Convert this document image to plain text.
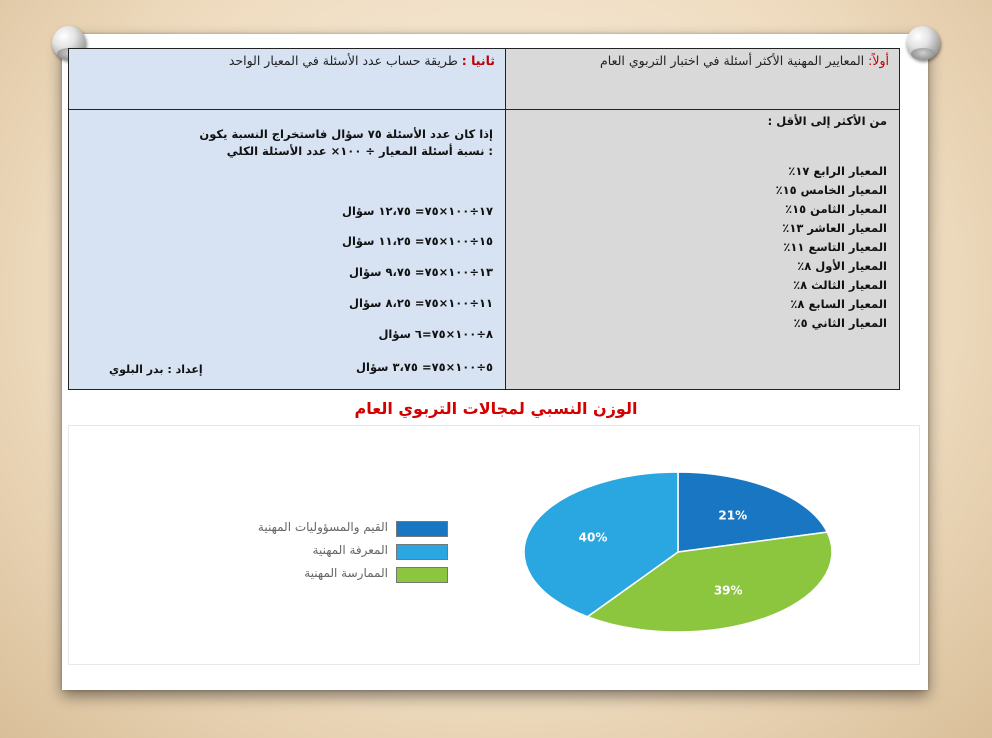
أولاً: المعايير المهنية الأكثر أسئلة في اختبار التربوي العام
ثانيا : طريقة حساب عدد الأسئلة في المعيار الواحد
من الأكثر إلى الأقل :
المعيار الرابع ١٧٪
المعيار الخامس ١٥٪
المعيار الثامن ١٥٪
المعيار العاشر ١٣٪
المعيار التاسع ١١٪
المعيار الأول ٨٪
المعيار الثالث ٨٪
المعيار السابع ٨٪
المعيار الثاني ٥٪
إذا كان عدد الأسئلة ٧٥ سؤال فاستخراج النسبة يكون
: نسبة أسئلة المعيار ÷ ١٠٠× عدد الأسئلة الكلي
١٧÷١٠٠×٧٥= ١٢،٧٥ سؤال
١٥÷١٠٠×٧٥= ١١،٢٥ سؤال
١٣÷١٠٠×٧٥= ٩،٧٥ سؤال
١١÷١٠٠×٧٥= ٨،٢٥ سؤال
٨÷١٠٠×٧٥=٦ سؤال
٥÷١٠٠×٧٥= ٣،٧٥ سؤال
إعداد : بدر البلوي
الوزن النسبي لمجالات التربوي العام
القيم والمسؤوليات المهنية
المعرفة المهنية
الممارسة المهنية
21%
39%
40%
